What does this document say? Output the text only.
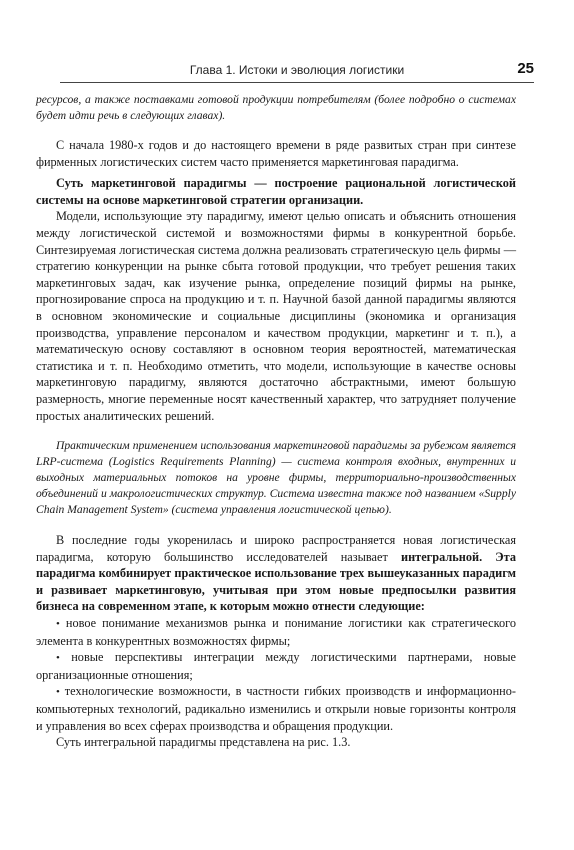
Глава 1. Истоки и эволюция логистики	25

ресурсов, а также поставками готовой продукции потребителям (более подробно о системах будет идти речь в следующих главах).

С начала 1980-х годов и до настоящего времени в ряде развитых стран при синтезе фирменных логистических систем часто применяется маркетинговая парадигма.

Суть маркетинговой парадигмы — построение рациональной логистической системы на основе маркетинговой стратегии организации.

Модели, использующие эту парадигму, имеют целью описать и объяснить отношения между логистической системой и возможностями фирмы в конкурентной борьбе. Синтезируемая логистическая система должна реализовать стратегическую цель фирмы — стратегию конкуренции на рынке сбыта готовой продукции, что требует решения таких маркетинговых задач, как изучение рынка, определение позиций фирмы на рынке, прогнозирование спроса на продукцию и т. п. Научной базой данной парадигмы являются в основном экономические и социальные дисциплины (экономика и организация производства, управление персоналом и качеством продукции, маркетинг и т. п.), а математическую основу составляют в основном теория вероятностей, математическая статистика и т. п. Необходимо отметить, что модели, использующие в качестве основы маркетинговую парадигму, являются достаточно абстрактными, имеют большую размерность, многие переменные носят качественный характер, что затрудняет получение простых аналитических решений.

Практическим применением использования маркетинговой парадигмы за рубежом является LRP-система (Logistics Requirements Planning) — система контроля входных, внутренних и выходных материальных потоков на уровне фирмы, территориально-производственных объединений и макрологистических структур. Система известна также под названием «Supply Chain Management System» (система управления логистической цепью).

В последние годы укоренилась и широко распространяется новая логистическая парадигма, которую большинство исследователей называет интегральной. Эта парадигма комбинирует практическое использование трех вышеуказанных парадигм и развивает маркетинговую, учитывая при этом новые предпосылки развития бизнеса на современном этапе, к которым можно отнести следующие:

• новое понимание механизмов рынка и понимание логистики как стратегического элемента в конкурентных возможностях фирмы;

• новые перспективы интеграции между логистическими партнерами, новые организационные отношения;

• технологические возможности, в частности гибких производств и информационно-компьютерных технологий, радикально изменились и открыли новые горизонты контроля и управления во всех сферах производства и обращения продукции.

Суть интегральной парадигмы представлена на рис. 1.3.
